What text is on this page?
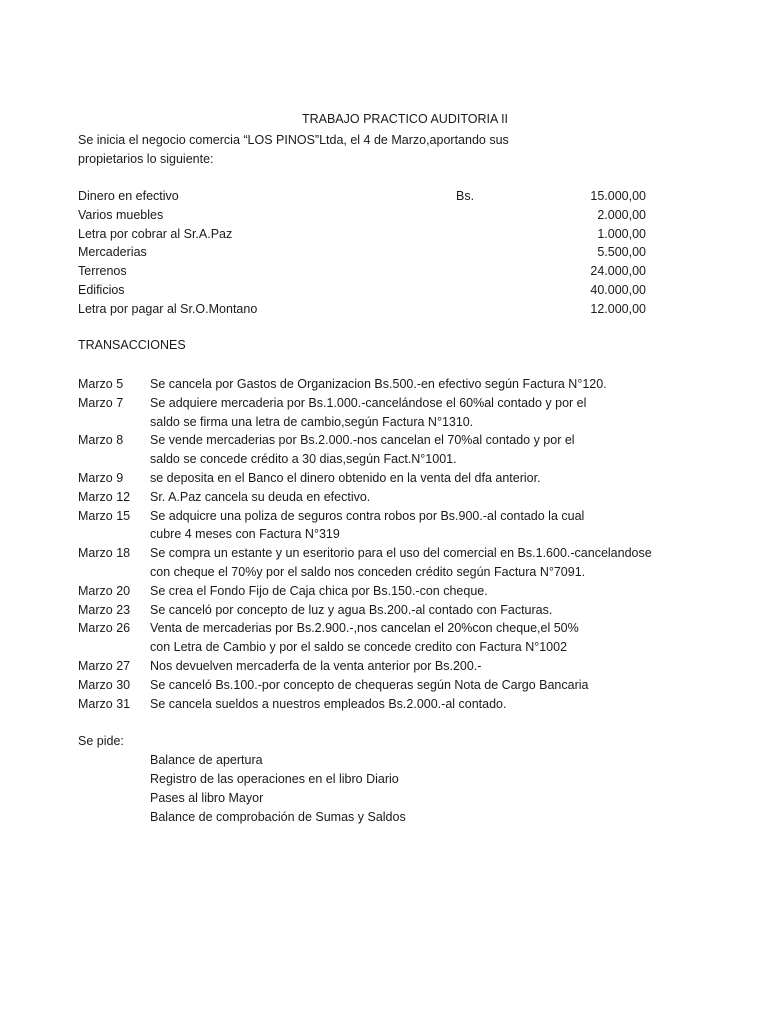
TRABAJO PRACTICO AUDITORIA II
Se inicia el negocio comercia “LOS PINOS”Ltda, el 4 de Marzo,aportando sus
propietarios lo siguiente:
Dinero en efectivo	Bs.	15.000,00
Varios muebles	2.000,00
Letra por cobrar al Sr.A.Paz	1.000,00
Mercaderias	5.500,00
Terrenos	24.000,00
Edificios	40.000,00
Letra por pagar al Sr.O.Montano	12.000,00
TRANSACCIONES
Marzo 5	Se cancela por Gastos de Organizacion Bs.500.-en efectivo según Factura N°120.
Marzo 7	Se adquiere mercaderia por Bs.1.000.-cancelándose el 60%al contado y por el
saldo se firma una letra de cambio,según Factura N°1310.
Marzo 8	Se vende mercaderias por Bs.2.000.-nos cancelan el 70%al contado y por el
saldo se concede crédito a 30 dias,según Fact.N°1001.
Marzo 9	se deposita en el Banco el dinero obtenido en la venta del dfa anterior.
Marzo 12	Sr. A.Paz cancela su deuda en efectivo.
Marzo 15	Se adquicre una poliza de seguros contra robos por Bs.900.-al contado la cual
cubre 4 meses con Factura N°319
Marzo 18	Se compra un estante y un eseritorio para el uso del comercial en Bs.1.600.-cancelandose
con cheque el 70%y por el saldo nos conceden crédito según Factura N°7091.
Marzo 20	Se crea el Fondo Fijo de Caja chica por Bs.150.-con cheque.
Marzo 23	Se canceló por concepto de luz y agua Bs.200.-al contado con Facturas.
Marzo 26	Venta de mercaderias por Bs.2.900.-,nos cancelan el 20%con cheque,el 50%
con Letra de Cambio y por el saldo se concede credito con Factura N°1002
Marzo 27	Nos devuelven mercaderfa de la venta anterior por Bs.200.-
Marzo 30	Se canceló Bs.100.-por concepto de chequeras según Nota de Cargo Bancaria
Marzo 31	Se cancela sueldos a nuestros empleados Bs.2.000.-al contado.
Se pide:
Balance de apertura
Registro de las operaciones en el libro Diario
Pases al libro Mayor
Balance de comprobación de Sumas y Saldos
